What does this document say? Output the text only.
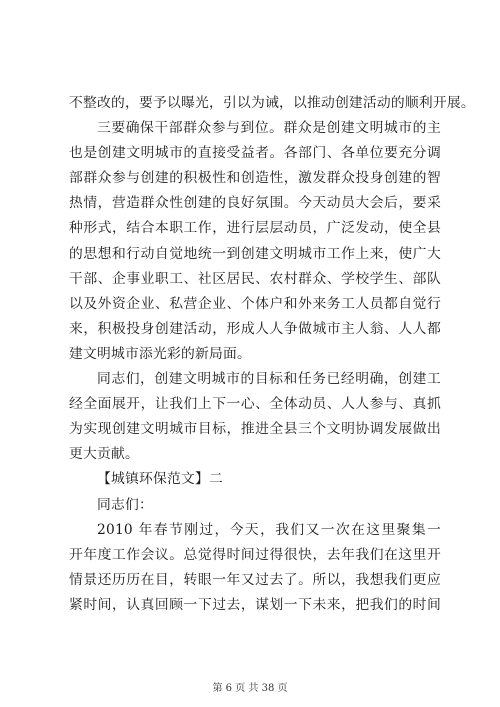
不整改的，要予以曝光，引以为诫，以推动创建活动的顺利开展。
三要确保干部群众参与到位。群众是创建文明城市的主
也是创建文明城市的直接受益者。各部门、各单位要充分调
部群众参与创建的积极性和创造性，激发群众投身创建的智
热情，营造群众性创建的良好氛围。今天动员大会后，要采
种形式，结合本职工作，进行层层动员，广泛发动，使全县
的思想和行动自觉地统一到创建文明城市工作上来，使广大
干部、企事业职工、社区居民、农村群众、学校学生、部队
以及外资企业、私营企业、个体户和外来务工人员都自觉行
来，积极投身创建活动，形成人人争做城市主人翁、人人都
建文明城市添光彩的新局面。
同志们，创建文明城市的目标和任务已经明确，创建工
经全面展开，让我们上下一心、全体动员、人人参与、真抓
为实现创建文明城市目标，推进全县三个文明协调发展做出
更大贡献。
【城镇环保范文】二
同志们：
2010 年春节刚过，今天，我们又一次在这里聚集一
开年度工作会议。总觉得时间过得很快，去年我们在这里开
情景还历历在目，转眼一年又过去了。所以，我想我们更应
紧时间，认真回顾一下过去，谋划一下未来，把我们的时间
第 6 页 共 38 页
